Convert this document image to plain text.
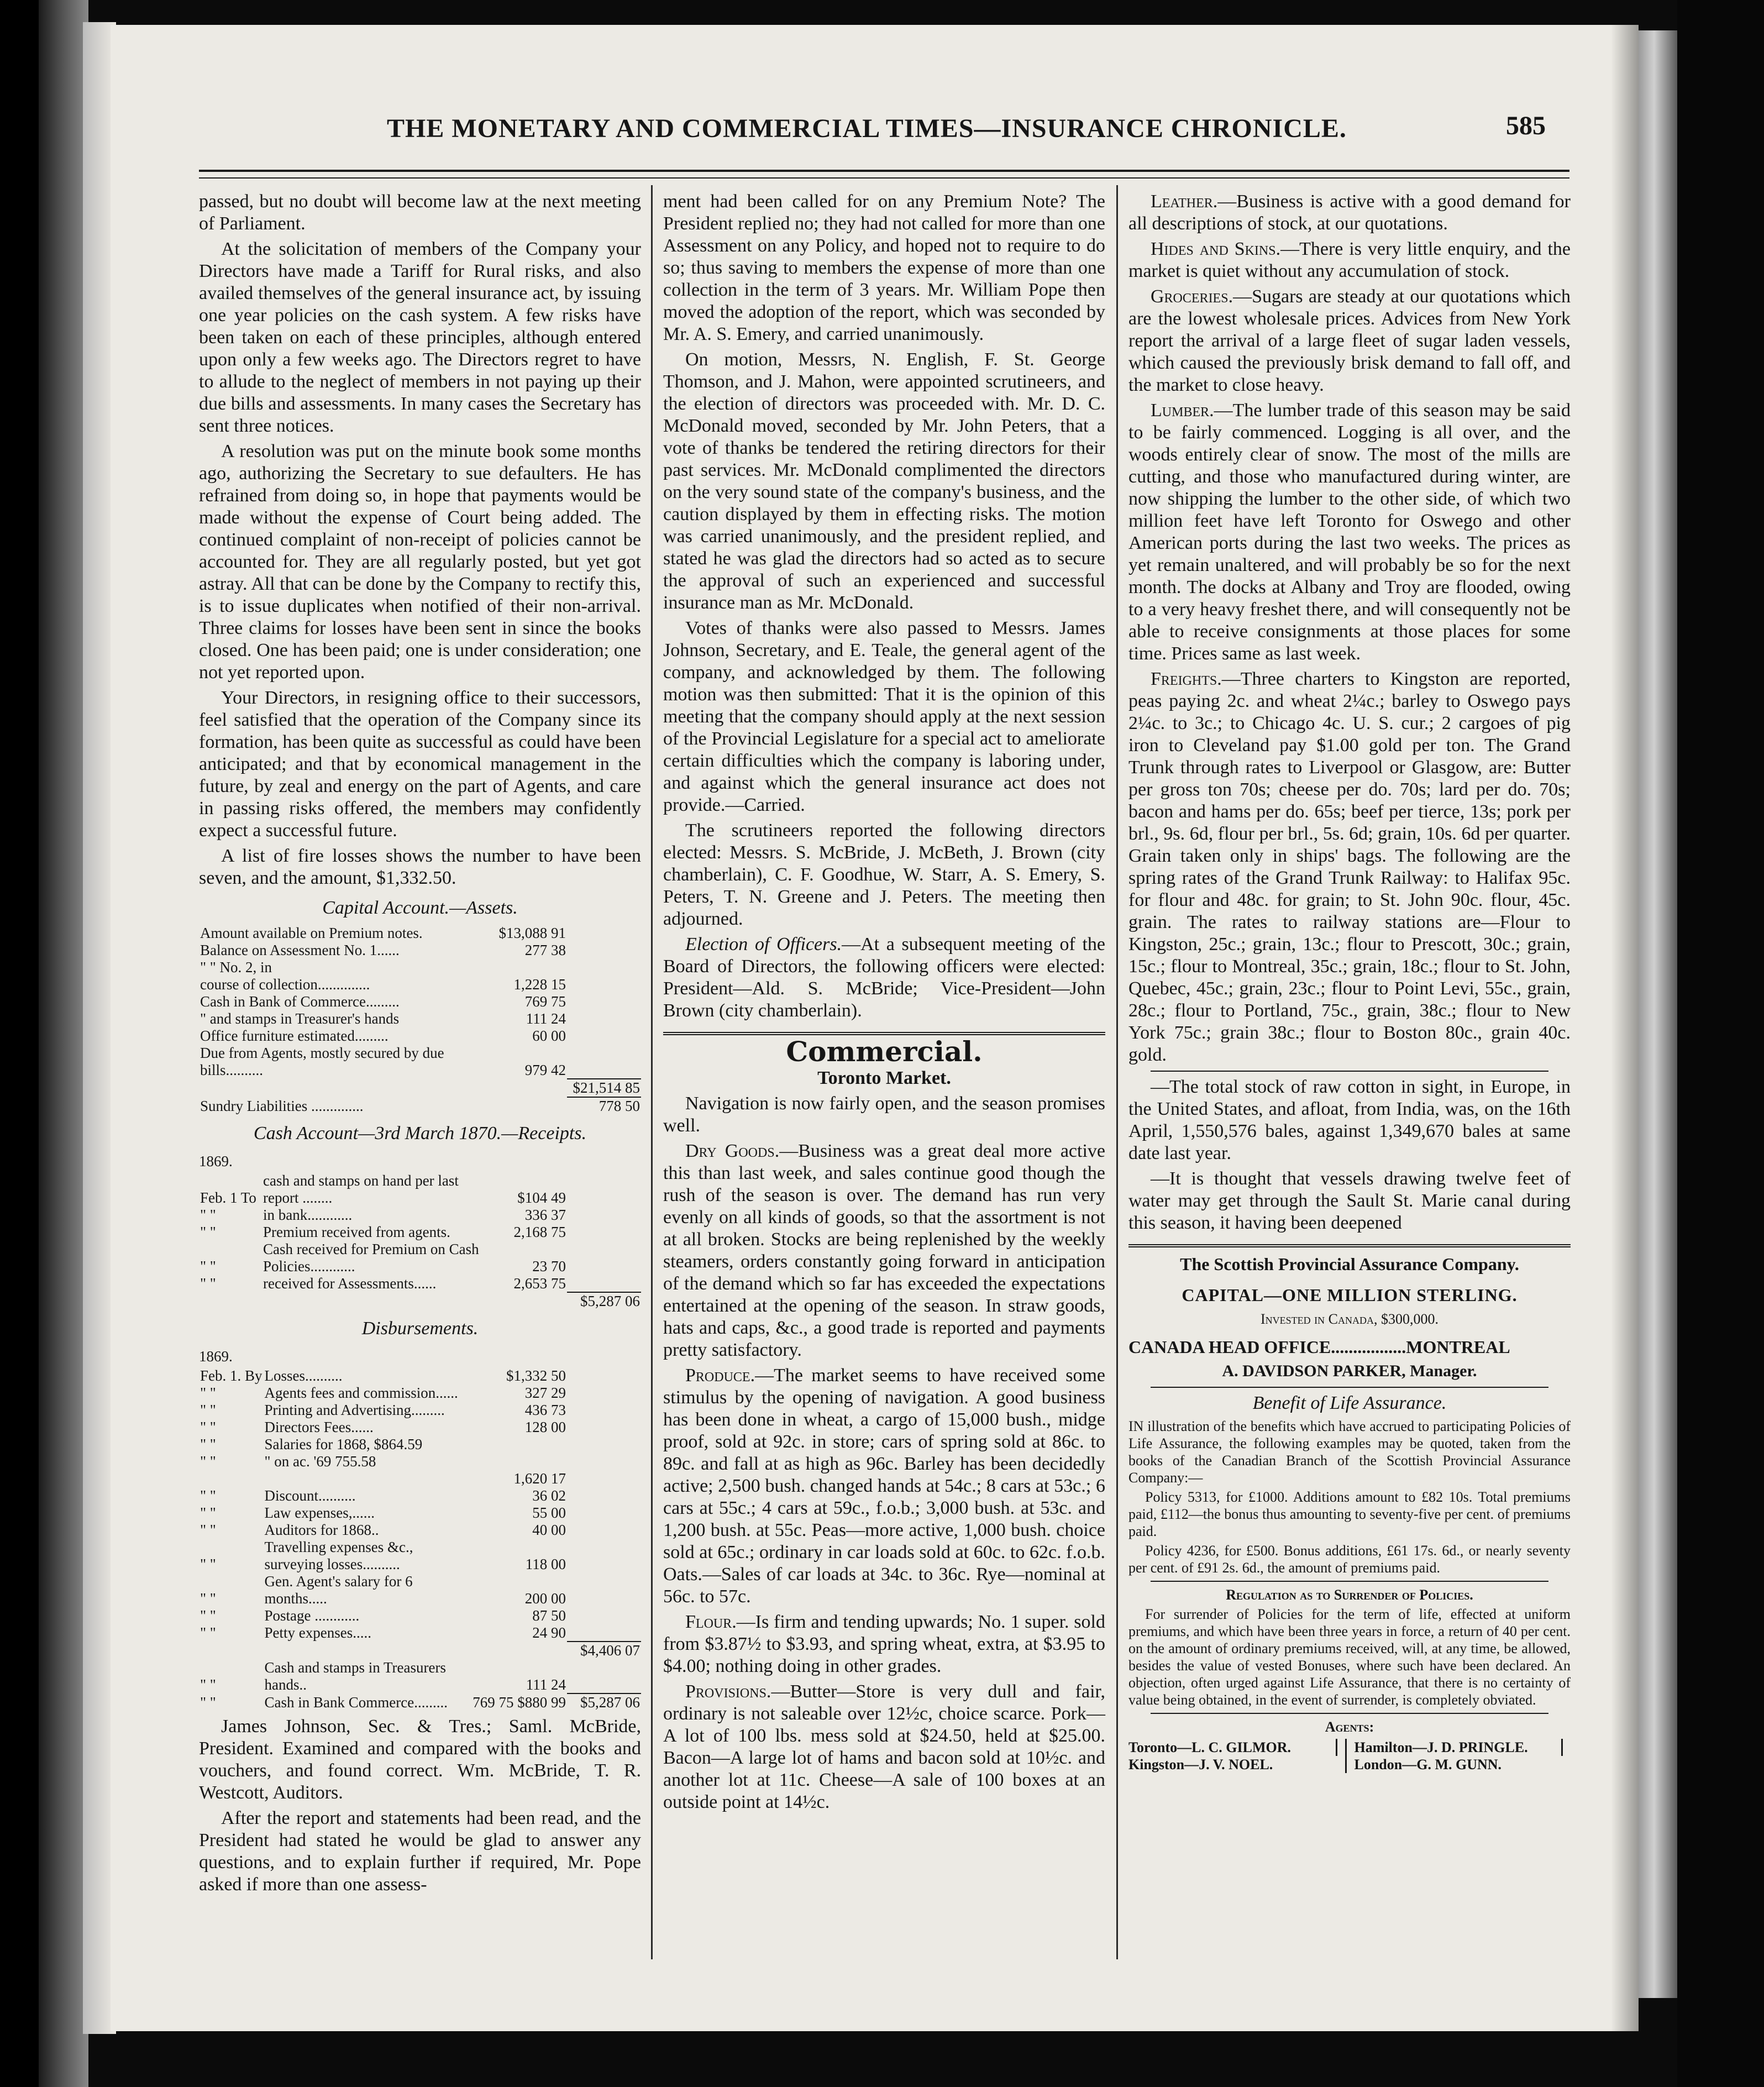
THE MONETARY AND COMMERCIAL TIMES—INSURANCE CHRONICLE.	585

passed, but no doubt will become law at the next meeting of Parliament.

At the solicitation of members of the Company your Directors have made a Tariff for Rural risks, and also availed themselves of the general insurance act, by issuing one year policies on the cash system. A few risks have been taken on each of these principles, although entered upon only a few weeks ago. The Directors regret to have to allude to the neglect of members in not paying up their due bills and assessments. In many cases the Secretary has sent three notices.

A resolution was put on the minute book some months ago, authorizing the Secretary to sue defaulters. He has refrained from doing so, in hope that payments would be made without the expense of Court being added. The continued complaint of non-receipt of policies cannot be accounted for. They are all regularly posted, but yet got astray. All that can be done by the Company to rectify this, is to issue duplicates when notified of their non-arrival. Three claims for losses have been sent in since the books closed. One has been paid; one is under consideration; one not yet reported upon.

Your Directors, in resigning office to their successors, feel satisfied that the operation of the Company since its formation, has been quite as successful as could have been anticipated; and that by economical management in the future, by zeal and energy on the part of Agents, and care in passing risks offered, the members may confidently expect a successful future.

A list of fire losses shows the number to have been seven, and the amount, $1,332.50.

Capital Account.—Assets.
Amount available on Premium notes.	$13,088 91	
Balance on Assessment No. 1......	277 38	
" " No. 2, in		
course of collection..............	1,228 15	
Cash in Bank of Commerce.........	769 75	
" and stamps in Treasurer's hands	111 24	
Office furniture estimated.........	60 00	
Due from Agents, mostly secured by due bills..........	979 42	
		$21,514 85
Sundry Liabilities ..............		778 50
Cash Account—3rd March 1870.—Receipts.
1869.
Feb. 1 To	cash and stamps on hand per last report ........	$104 49	
" "	in bank............	336 37	
" "	Premium received from agents.	2,168 75	
" "	Cash received for Premium on Cash Policies............	23 70	
" "	received for Assessments......	2,653 75	
			$5,287 06
Disbursements.
1869.
Feb. 1. By	Losses..........	$1,332 50	
" "	Agents fees and commission......	327 29	
" "	Printing and Advertising.........	436 73	
" "	Directors Fees......	128 00	
" "	Salaries for 1868, $864.59		
" "	" on ac. '69 755.58		
		1,620 17	
" "	Discount..........	36 02	
" "	Law expenses,......	55 00	
" "	Auditors for 1868..	40 00	
" "	Travelling expenses &c., surveying losses..........	118 00	
" "	Gen. Agent's salary for 6 months.....	200 00	
" "	Postage ............	87 50	
" "	Petty expenses.....	24 90	
			$4,406 07
" "	Cash and stamps in Treasurers hands..	111 24	
" "	Cash in Bank Commerce.........	769 75 $880 99	$5,287 06

James Johnson, Sec. & Tres.; Saml. McBride, President. Examined and compared with the books and vouchers, and found correct. Wm. McBride, T. R. Westcott, Auditors.

After the report and statements had been read, and the President had stated he would be glad to answer any questions, and to explain further if required, Mr. Pope asked if more than one assess-

ment had been called for on any Premium Note? The President replied no; they had not called for more than one Assessment on any Policy, and hoped not to require to do so; thus saving to members the expense of more than one collection in the term of 3 years. Mr. William Pope then moved the adoption of the report, which was seconded by Mr. A. S. Emery, and carried unanimously.

On motion, Messrs, N. English, F. St. George Thomson, and J. Mahon, were appointed scrutineers, and the election of directors was proceeded with. Mr. D. C. McDonald moved, seconded by Mr. John Peters, that a vote of thanks be tendered the retiring directors for their past services. Mr. McDonald complimented the directors on the very sound state of the company's business, and the caution displayed by them in effecting risks. The motion was carried unanimously, and the president replied, and stated he was glad the directors had so acted as to secure the approval of such an experienced and successful insurance man as Mr. McDonald.

Votes of thanks were also passed to Messrs. James Johnson, Secretary, and E. Teale, the general agent of the company, and acknowledged by them. The following motion was then submitted: That it is the opinion of this meeting that the company should apply at the next session of the Provincial Legislature for a special act to ameliorate certain difficulties which the company is laboring under, and against which the general insurance act does not provide.—Carried.

The scrutineers reported the following directors elected: Messrs. S. McBride, J. McBeth, J. Brown (city chamberlain), C. F. Goodhue, W. Starr, A. S. Emery, S. Peters, T. N. Greene and J. Peters. The meeting then adjourned.

Election of Officers.—At a subsequent meeting of the Board of Directors, the following officers were elected: President—Ald. S. McBride; Vice-President—John Brown (city chamberlain).

Commercial.
Toronto Market.

Navigation is now fairly open, and the season promises well.

Dry Goods.—Business was a great deal more active this than last week, and sales continue good though the rush of the season is over. The demand has run very evenly on all kinds of goods, so that the assortment is not at all broken. Stocks are being replenished by the weekly steamers, orders constantly going forward in anticipation of the demand which so far has exceeded the expectations entertained at the opening of the season. In straw goods, hats and caps, &c., a good trade is reported and payments pretty satisfactory.

Produce.—The market seems to have received some stimulus by the opening of navigation. A good business has been done in wheat, a cargo of 15,000 bush., midge proof, sold at 92c. in store; cars of spring sold at 86c. to 89c. and fall at as high as 96c. Barley has been decidedly active; 2,500 bush. changed hands at 54c.; 8 cars at 53c.; 6 cars at 55c.; 4 cars at 59c., f.o.b.; 3,000 bush. at 53c. and 1,200 bush. at 55c. Peas—more active, 1,000 bush. choice sold at 65c.; ordinary in car loads sold at 60c. to 62c. f.o.b. Oats.—Sales of car loads at 34c. to 36c. Rye—nominal at 56c. to 57c.

Flour.—Is firm and tending upwards; No. 1 super. sold from $3.87½ to $3.93, and spring wheat, extra, at $3.95 to $4.00; nothing doing in other grades.

Provisions.—Butter—Store is very dull and fair, ordinary is not saleable over 12½c, choice scarce. Pork—A lot of 100 lbs. mess sold at $24.50, held at $25.00. Bacon—A large lot of hams and bacon sold at 10½c. and another lot at 11c. Cheese—A sale of 100 boxes at an outside point at 14½c.

Leather.—Business is active with a good demand for all descriptions of stock, at our quotations.

Hides and Skins.—There is very little enquiry, and the market is quiet without any accumulation of stock.

Groceries.—Sugars are steady at our quotations which are the lowest wholesale prices. Advices from New York report the arrival of a large fleet of sugar laden vessels, which caused the previously brisk demand to fall off, and the market to close heavy.

Lumber.—The lumber trade of this season may be said to be fairly commenced. Logging is all over, and the woods entirely clear of snow. The most of the mills are cutting, and those who manufactured during winter, are now shipping the lumber to the other side, of which two million feet have left Toronto for Oswego and other American ports during the last two weeks. The prices as yet remain unaltered, and will probably be so for the next month. The docks at Albany and Troy are flooded, owing to a very heavy freshet there, and will consequently not be able to receive consignments at those places for some time. Prices same as last week.

Freights.—Three charters to Kingston are reported, peas paying 2c. and wheat 2¼c.; barley to Oswego pays 2¼c. to 3c.; to Chicago 4c. U. S. cur.; 2 cargoes of pig iron to Cleveland pay $1.00 gold per ton. The Grand Trunk through rates to Liverpool or Glasgow, are: Butter per gross ton 70s; cheese per do. 70s; lard per do. 70s; bacon and hams per do. 65s; beef per tierce, 13s; pork per brl., 9s. 6d, flour per brl., 5s. 6d; grain, 10s. 6d per quarter. Grain taken only in ships' bags. The following are the spring rates of the Grand Trunk Railway: to Halifax 95c. for flour and 48c. for grain; to St. John 90c. flour, 45c. grain. The rates to railway stations are—Flour to Kingston, 25c.; grain, 13c.; flour to Prescott, 30c.; grain, 15c.; flour to Montreal, 35c.; grain, 18c.; flour to St. John, Quebec, 45c.; grain, 23c.; flour to Point Levi, 55c., grain, 28c.; flour to Portland, 75c., grain, 38c.; flour to New York 75c.; grain 38c.; flour to Boston 80c., grain 40c. gold.

—The total stock of raw cotton in sight, in Europe, in the United States, and afloat, from India, was, on the 16th April, 1,550,576 bales, against 1,349,670 bales at same date last year.

—It is thought that vessels drawing twelve feet of water may get through the Sault St. Marie canal during this season, it having been deepened

The Scottish Provincial Assurance Company.
CAPITAL—ONE MILLION STERLING.
Invested in Canada, $300,000.
CANADA HEAD OFFICE.................MONTREAL
A. DAVIDSON PARKER, Manager.
Benefit of Life Assurance.

IN illustration of the benefits which have accrued to participating Policies of Life Assurance, the following examples may be quoted, taken from the books of the Canadian Branch of the Scottish Provincial Assurance Company:—

Policy 5313, for £1000. Additions amount to £82 10s. Total premiums paid, £112—the bonus thus amounting to seventy-five per cent. of premiums paid.

Policy 4236, for £500. Bonus additions, £61 17s. 6d., or nearly seventy per cent. of £91 2s. 6d., the amount of premiums paid.

Regulation as to Surrender of Policies.

For surrender of Policies for the term of life, effected at uniform premiums, and which have been three years in force, a return of 40 per cent. on the amount of ordinary premiums received, will, at any time, be allowed, besides the value of vested Bonuses, where such have been declared. An objection, often urged against Life Assurance, that there is no certainty of value being obtained, in the event of surrender, is completely obviated.

Agents:
Toronto—L. C. GILMOR.
Kingston—J. V. NOEL.
Hamilton—J. D. PRINGLE.
London—G. M. GUNN.
